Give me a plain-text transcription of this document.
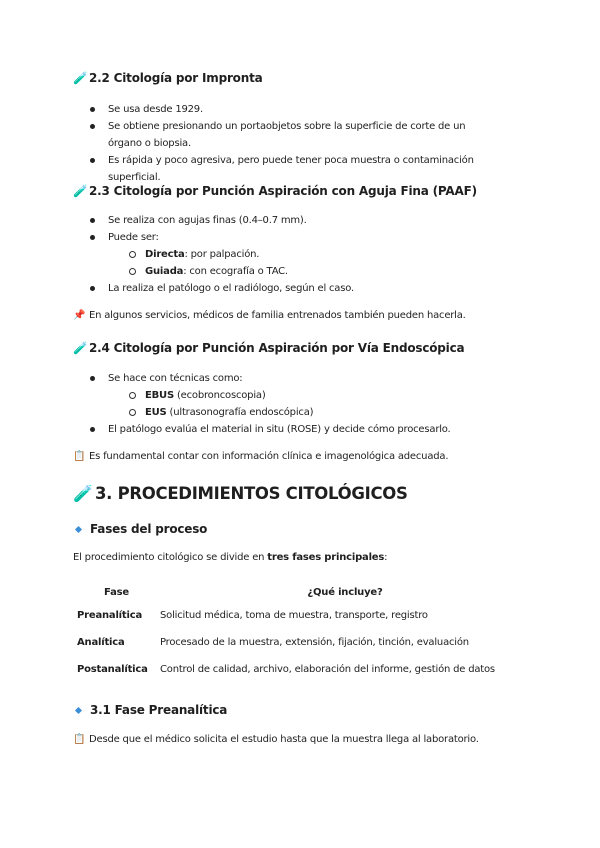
🧪2.2 Citología por Impronta
Se usa desde 1929.
Se obtiene presionando un portaobjetos sobre la superficie de corte de un órgano o biopsia.
Es rápida y poco agresiva, pero puede tener poca muestra o contaminación superficial.
🧪2.3 Citología por Punción Aspiración con Aguja Fina (PAAF)
Se realiza con agujas finas (0.4–0.7 mm).
Puede ser:
Directa: por palpación.
Guiada: con ecografía o TAC.
La realiza el patólogo o el radiólogo, según el caso.
📌 En algunos servicios, médicos de familia entrenados también pueden hacerla.
🧪2.4 Citología por Punción Aspiración por Vía Endoscópica
Se hace con técnicas como:
EBUS (ecobroncoscopia)
EUS (ultrasonografía endoscópica)
El patólogo evalúa el material in situ (ROSE) y decide cómo procesarlo.
📋 Es fundamental contar con información clínica e imagenológica adecuada.
🧪 3. PROCEDIMIENTOS CITOLÓGICOS
Fases del proceso
El procedimiento citológico se divide en tres fases principales:
Fase	¿Qué incluye?
Preanalítica	Solicitud médica, toma de muestra, transporte, registro
Analítica	Procesado de la muestra, extensión, fijación, tinción, evaluación
Postanalítica	Control de calidad, archivo, elaboración del informe, gestión de datos
3.1 Fase Preanalítica
📋 Desde que el médico solicita el estudio hasta que la muestra llega al laboratorio.
